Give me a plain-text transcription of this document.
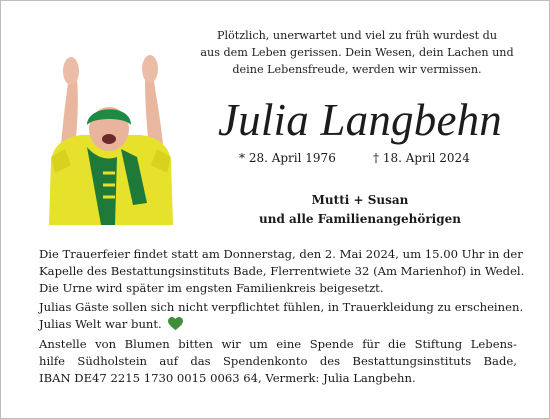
Plötzlich, unerwartet und viel zu früh wurdest du
aus dem Leben gerissen. Dein Wesen, dein Lachen und
deine Lebensfreude, werden wir vermissen.
Julia Langbehn
* 28. April 1976	† 18. April 2024
Mutti + Susan
und alle Familienangehörigen

Die Trauerfeier findet statt am Donnerstag, den 2. Mai 2024, um 15.00 Uhr in der
Kapelle des Bestattungsinstituts Bade, Flerrentwiete 32 (Am Marienhof) in Wedel.
Die Urne wird später im engsten Familienkreis beigesetzt.

Julias Gäste sollen sich nicht verpflichtet fühlen, in Trauerkleidung zu erscheinen.
Julias Welt war bunt.

Anstelle von Blumen bitten wir um eine Spende für die Stiftung Lebens-
hilfe Südholstein auf das Spendenkonto des Bestattungsinstituts Bade,
IBAN DE47 2215 1730 0015 0063 64, Vermerk: Julia Langbehn.
